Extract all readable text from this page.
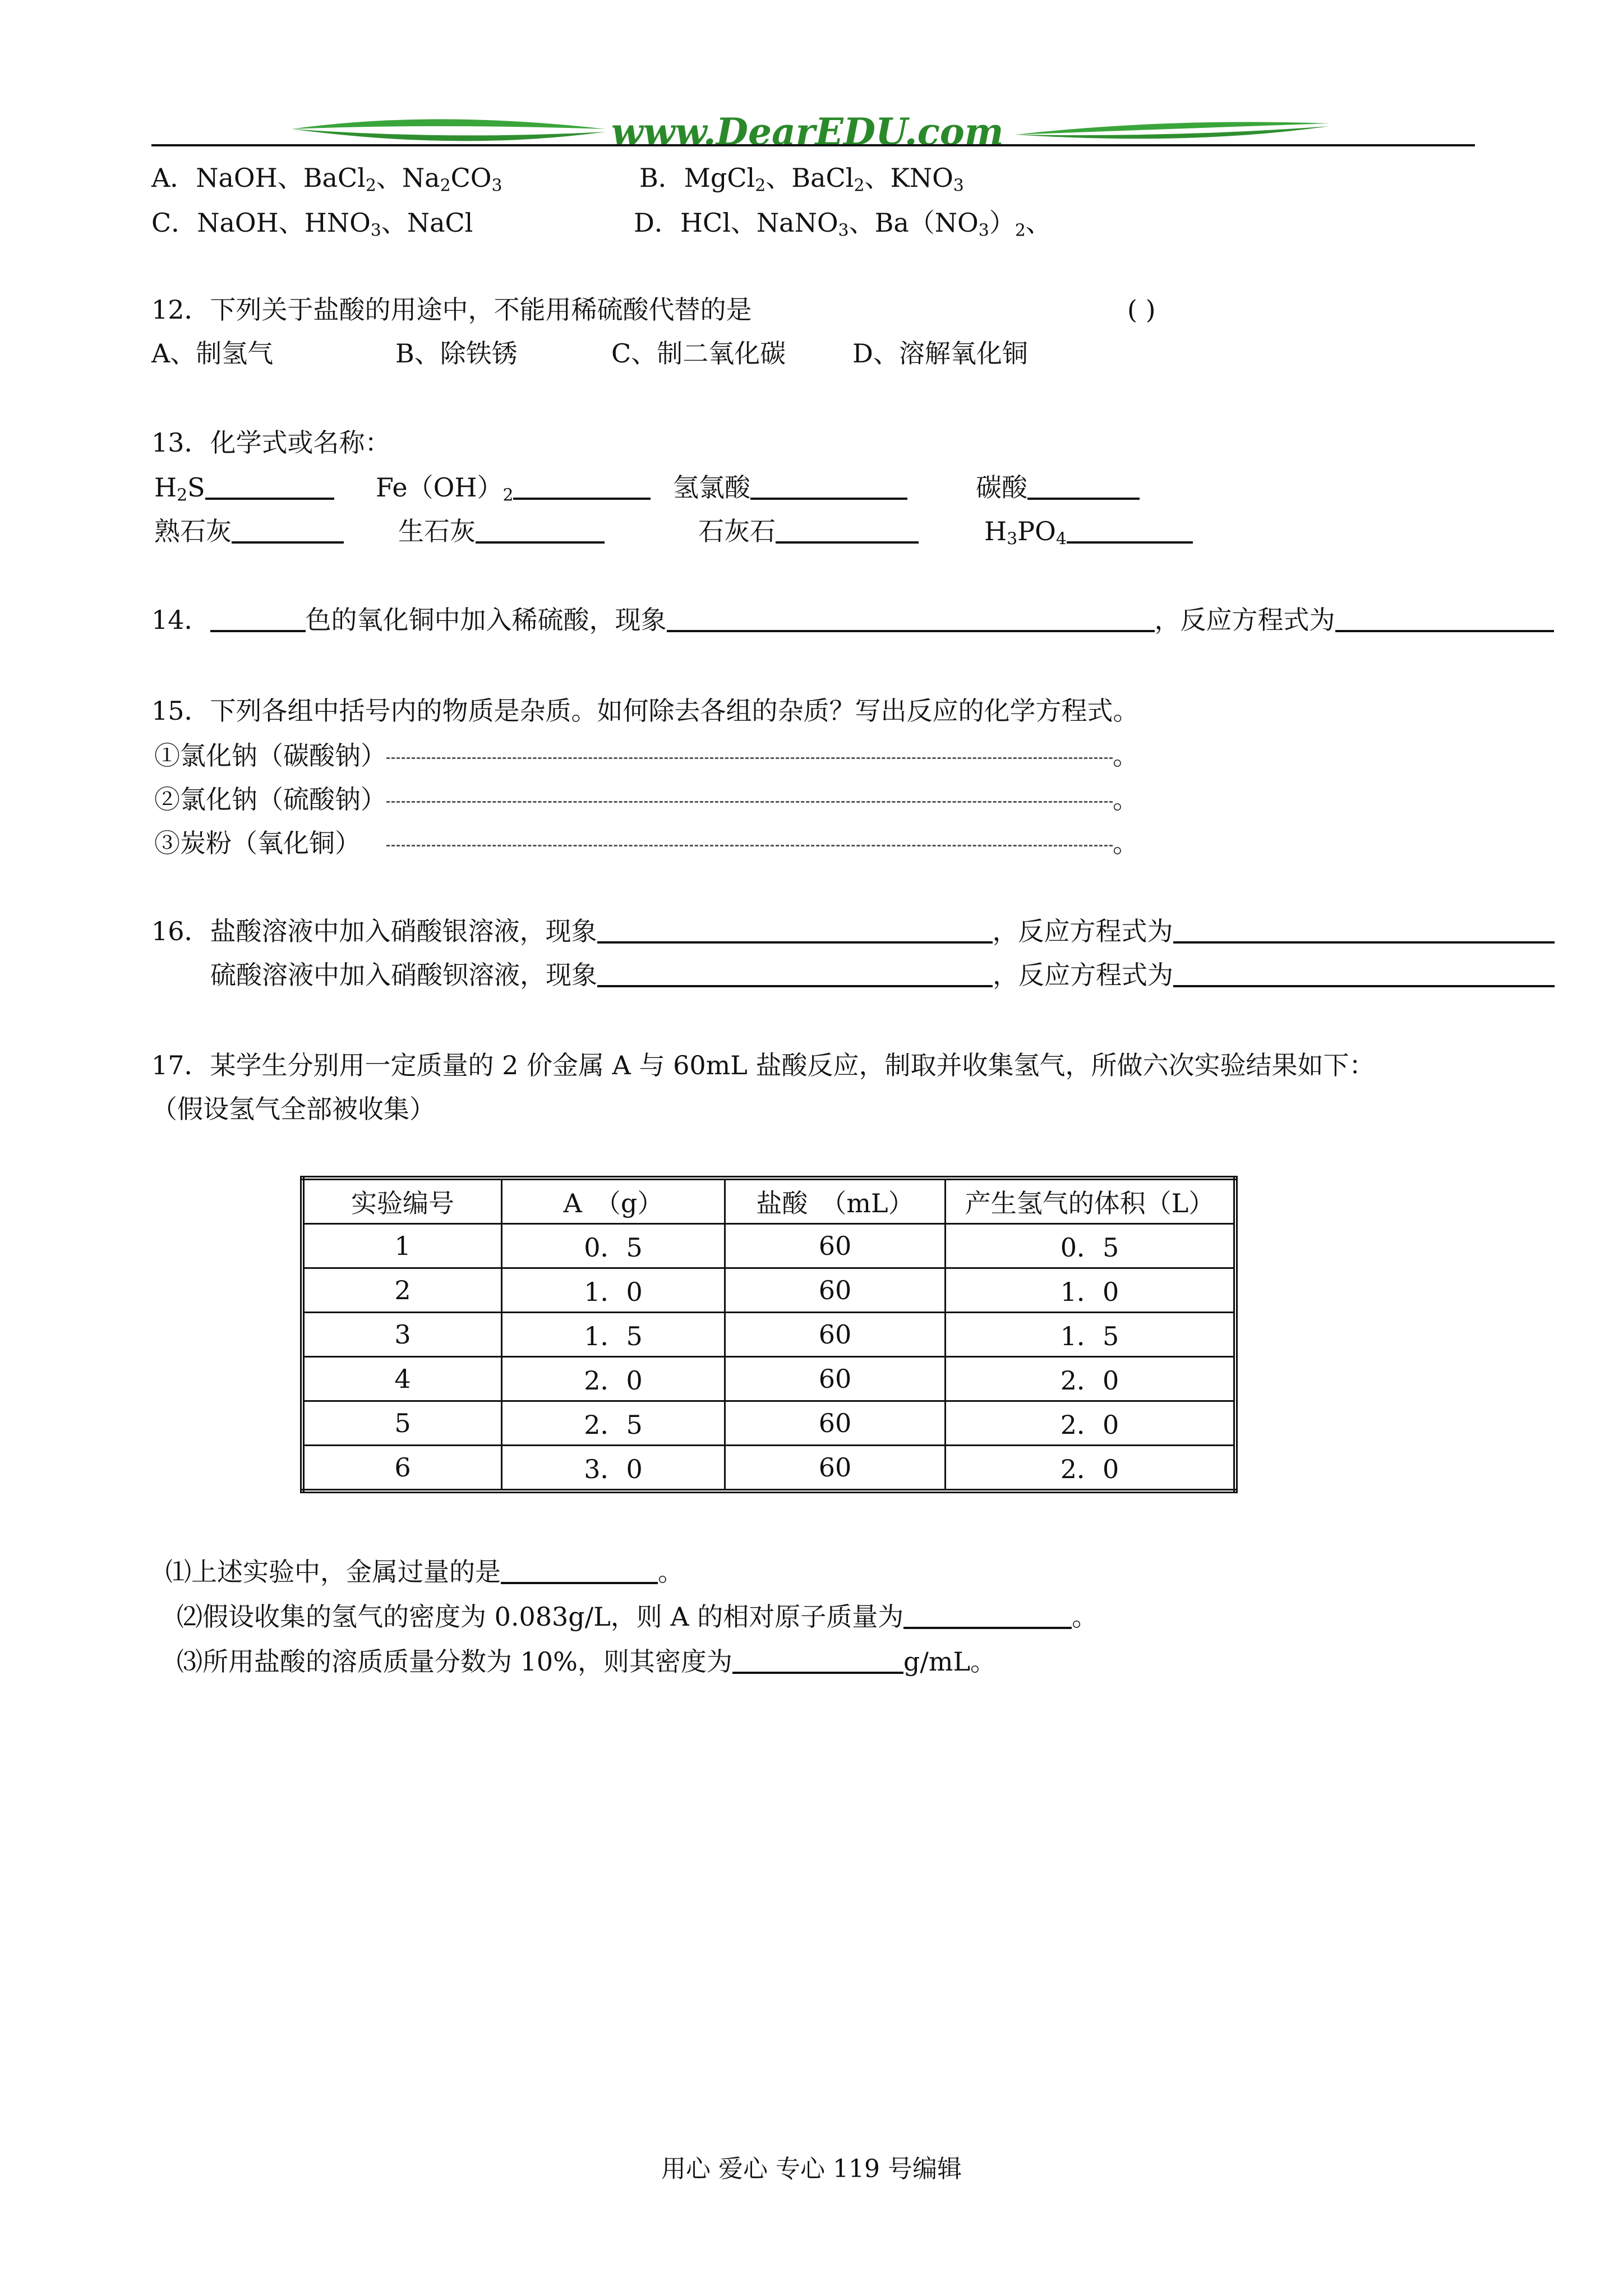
www.DearEDU.com
A．NaOH、BaCl$_2$、$Na_2CO_3$	B．MgCl$_2$、BaCl$_2$、$KNO_3$
C．NaOH、$HNO_3$、NaCl	D．HCl、NaNO$_3$、$Ba(NO_3)_2$、
12．下列关于盐酸的用途中，不能用稀硫酸代替的是	( )
A、制氢气	B、除铁锈	C、制二氧化碳	D、溶解氧化铜
13．化学式或名称：
$H_2S$	$Fe(OH)_2$	氢氯酸	碳酸
熟石灰	生石灰	石灰石	$H_3PO_4$
14．	色的氧化铜中加入稀硫酸，现象	，反应方程式为
15．下列各组中括号内的物质是杂质。如何除去各组的杂质？写出反应的化学方程式。
①氯化钠（碳酸钠）	。
②氯化钠（硫酸钠）	。
③炭粉（氧化铜）	。
16．盐酸溶液中加入硝酸银溶液，现象	，反应方程式为
硫酸溶液中加入硝酸钡溶液，现象	，反应方程式为
17．某学生分别用一定质量的 2 价金属 A 与 60mL 盐酸反应，制取并收集氢气，所做六次实验结果如下：
（假设氢气全部被收集）
实验编号	A　（g）	盐酸　（mL）	产生氢气的体积（L）
1	0．5	60	0．5
2	1．0	60	1．0
3	1．5	60	1．5
4	2．0	60	2．0
5	2．5	60	2．0
6	3．0	60	2．0
⑴上述实验中，金属过量的是	。
⑵假设收集的氢气的密度为 0.083g/L，则 A 的相对原子质量为	。
⑶所用盐酸的溶质质量分数为 10%，则其密度为	g/mL。
用心 爱心 专心 119 号编辑
